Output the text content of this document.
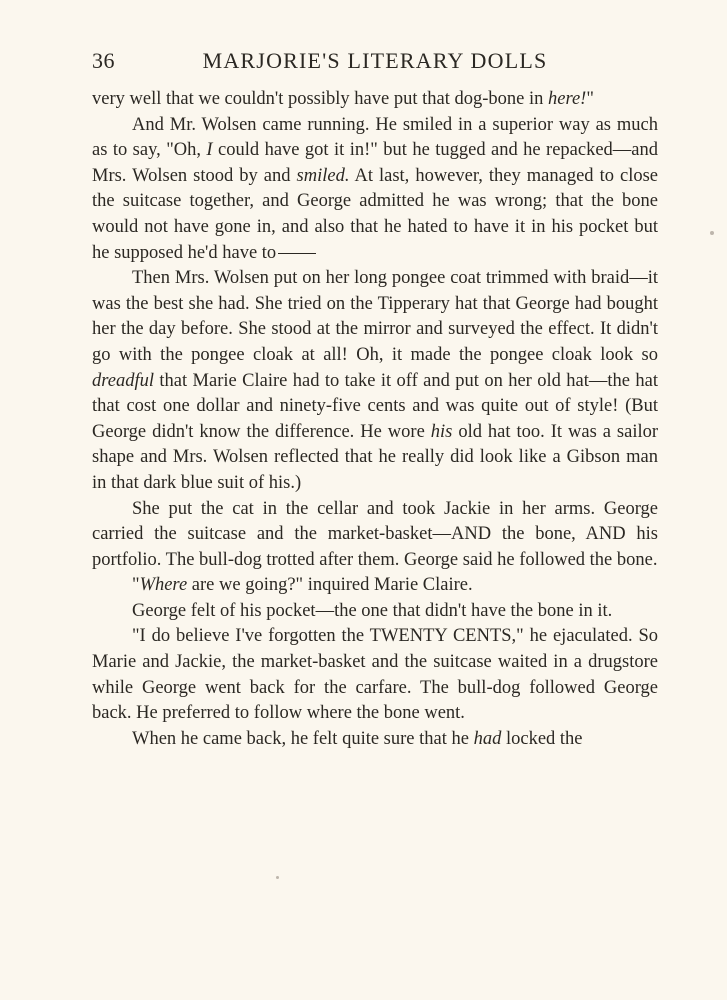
36	MARJORIE'S LITERARY DOLLS

very well that we couldn't possibly have put that dog-bone in here!"

And Mr. Wolsen came running. He smiled in a superior way as much as to say, "Oh, I could have got it in!" but he tugged and he repacked—and Mrs. Wolsen stood by and smiled. At last, however, they managed to close the suitcase together, and George admitted he was wrong; that the bone would not have gone in, and also that he hated to have it in his pocket but he supposed he'd have to

Then Mrs. Wolsen put on her long pongee coat trimmed with braid—it was the best she had. She tried on the Tipperary hat that George had bought her the day before. She stood at the mirror and surveyed the effect. It didn't go with the pongee cloak at all! Oh, it made the pongee cloak look so dreadful that Marie Claire had to take it off and put on her old hat—the hat that cost one dollar and ninety-five cents and was quite out of style! (But George didn't know the difference. He wore his old hat too. It was a sailor shape and Mrs. Wolsen reflected that he really did look like a Gibson man in that dark blue suit of his.)

She put the cat in the cellar and took Jackie in her arms. George carried the suitcase and the market-basket—AND the bone, AND his portfolio. The bull-dog trotted after them. George said he followed the bone.

"Where are we going?" inquired Marie Claire.

George felt of his pocket—the one that didn't have the bone in it.

"I do believe I've forgotten the TWENTY CENTS," he ejaculated. So Marie and Jackie, the market-basket and the suitcase waited in a drugstore while George went back for the carfare. The bull-dog followed George back. He preferred to follow where the bone went.

When he came back, he felt quite sure that he had locked the
